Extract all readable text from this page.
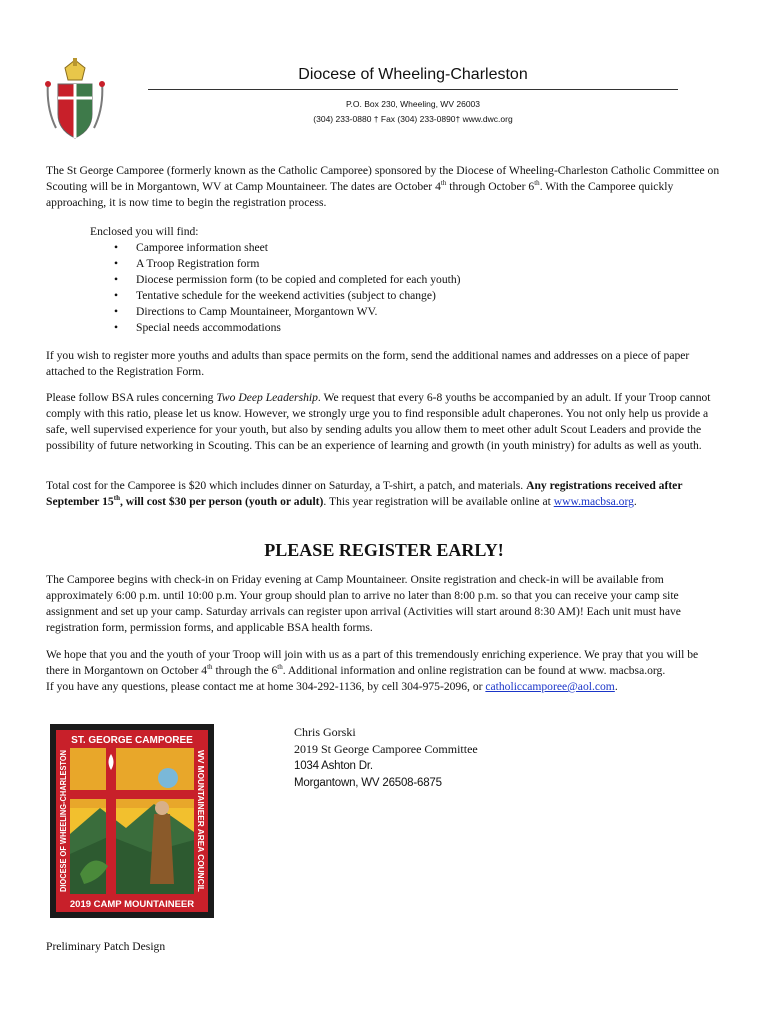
Diocese of Wheeling-Charleston
P.O. Box 230, Wheeling, WV 26003
(304) 233-0880 † Fax (304) 233-0890† www.dwc.org

The St George Camporee (formerly known as the Catholic Camporee) sponsored by the Diocese of Wheeling-Charleston Catholic Committee on Scouting will be in Morgantown, WV at Camp Mountaineer. The dates are October 4th through October 6th. With the Camporee quickly approaching, it is now time to begin the registration process.

Enclosed you will find:
• Camporee information sheet
• A Troop Registration form
• Diocese permission form (to be copied and completed for each youth)
• Tentative schedule for the weekend activities (subject to change)
• Directions to Camp Mountaineer, Morgantown WV.
• Special needs accommodations

If you wish to register more youths and adults than space permits on the form, send the additional names and addresses on a piece of paper attached to the Registration Form.

Please follow BSA rules concerning Two Deep Leadership. We request that every 6-8 youths be accompanied by an adult. If your Troop cannot comply with this ratio, please let us know. However, we strongly urge you to find responsible adult chaperones. You not only help us provide a safe, well supervised experience for your youth, but also by sending adults you allow them to meet other adult Scout Leaders and provide the possibility of future networking in Scouting. This can be an experience of learning and growth (in youth ministry) for adults as well as youth.

Total cost for the Camporee is $20 which includes dinner on Saturday, a T-shirt, a patch, and materials. Any registrations received after September 15th, will cost $30 per person (youth or adult). This year registration will be available online at www.macbsa.org.

PLEASE REGISTER EARLY!

The Camporee begins with check-in on Friday evening at Camp Mountaineer. Onsite registration and check-in will be available from approximately 6:00 p.m. until 10:00 p.m. Your group should plan to arrive no later than 8:00 p.m. so that you can receive your camp site assignment and set up your camp. Saturday arrivals can register upon arrival (Activities will start around 8:30 AM)! Each unit must have registration form, permission forms, and applicable BSA health forms.

We hope that you and the youth of your Troop will join with us as a part of this tremendously enriching experience. We pray that you will be there in Morgantown on October 4th through the 6th. Additional information and online registration can be found at www. macbsa.org.

If you have any questions, please contact me at home 304-292-1136, by cell 304-975-2096, or catholiccamporee@aol.com.

ST. GEORGE CAMPOREE
2019 CAMP MOUNTAINEER
DIOCESE OF WHEELING-CHARLESTON	WV MOUNTAINEER AREA COUNCIL
Chris Gorski
2019 St George Camporee Committee
1034 Ashton Dr.
Morgantown, WV 26508-6875
Preliminary Patch Design
